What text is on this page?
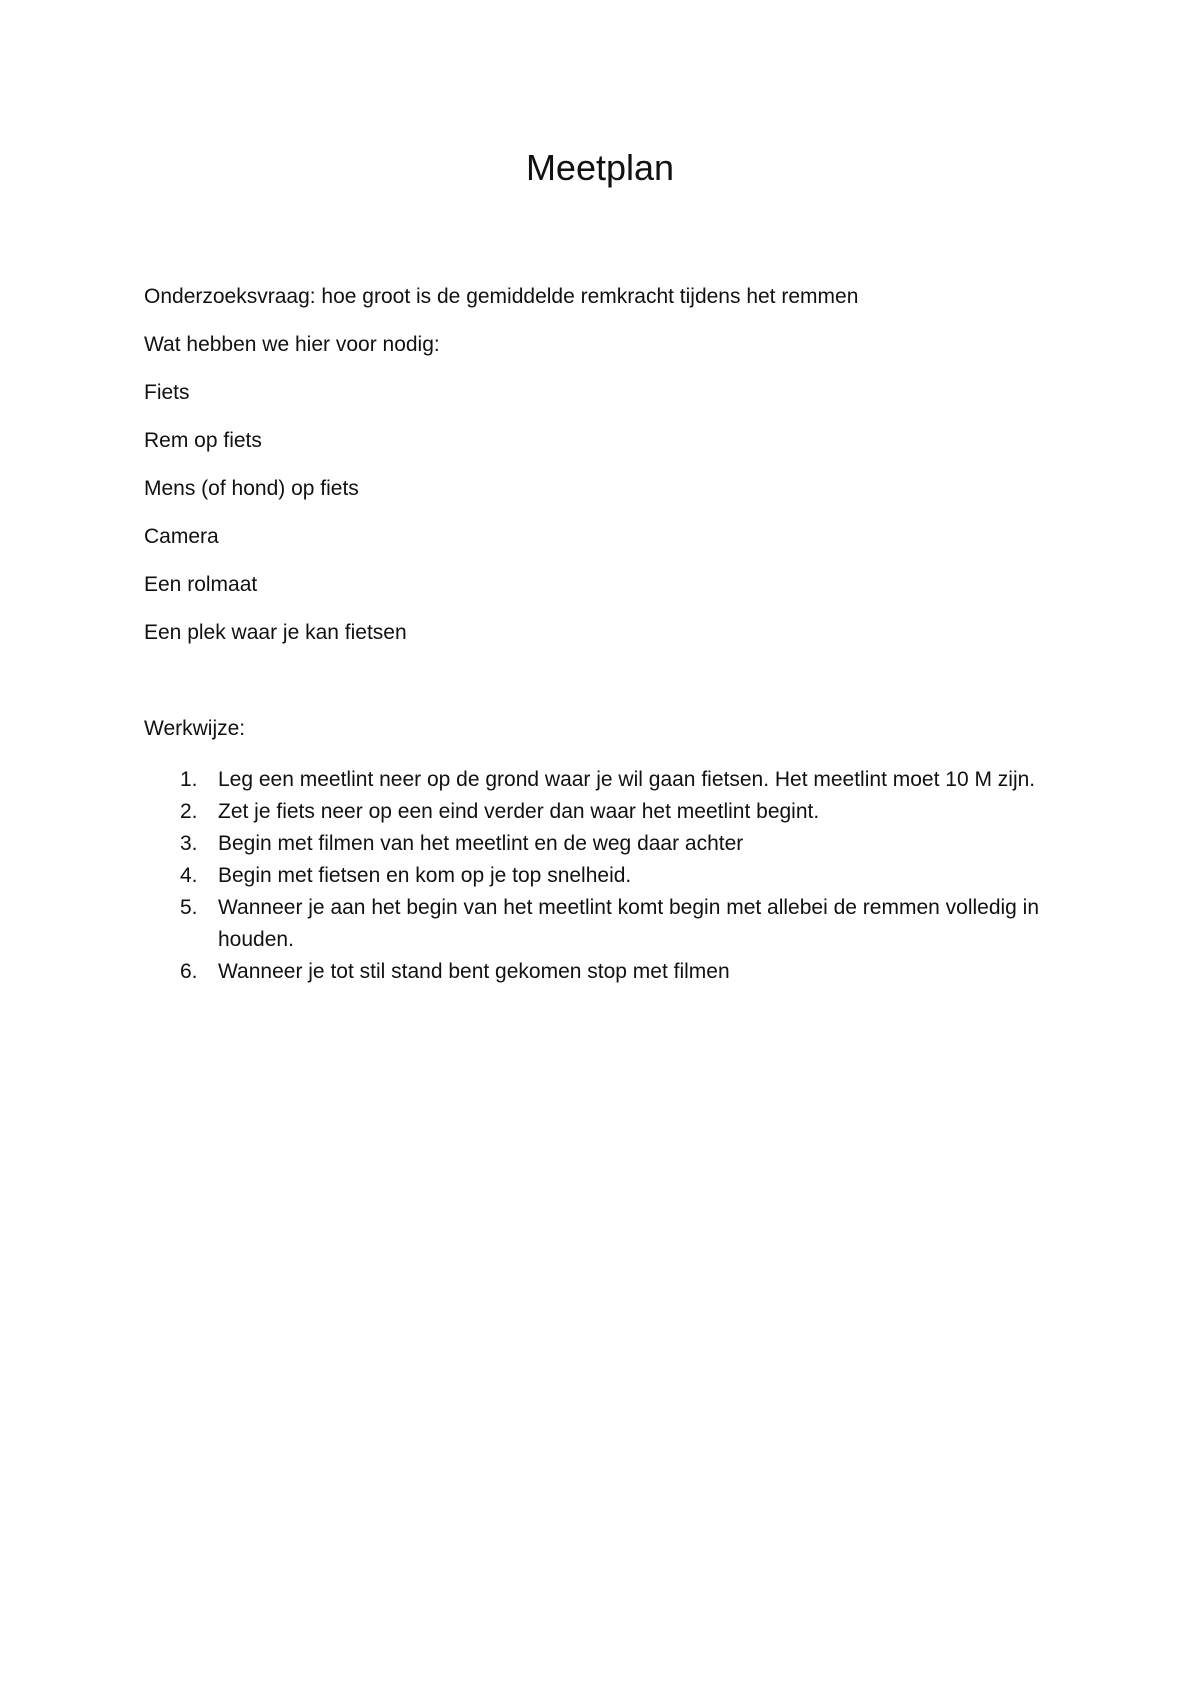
Meetplan

Onderzoeksvraag: hoe groot is de gemiddelde remkracht tijdens het remmen

Wat hebben we hier voor nodig:

Fiets

Rem op fiets

Mens (of hond) op fiets

Camera

Een rolmaat

Een plek waar je kan fietsen

Werkwijze:

1. Leg een meetlint neer op de grond waar je wil gaan fietsen. Het meetlint moet 10 M zijn.
2. Zet je fiets neer op een eind verder dan waar het meetlint begint.
3. Begin met filmen van het meetlint en de weg daar achter
4. Begin met fietsen en kom op je top snelheid.
5. Wanneer je aan het begin van het meetlint komt begin met allebei de remmen volledig in houden.
6. Wanneer je tot stil stand bent gekomen stop met filmen
